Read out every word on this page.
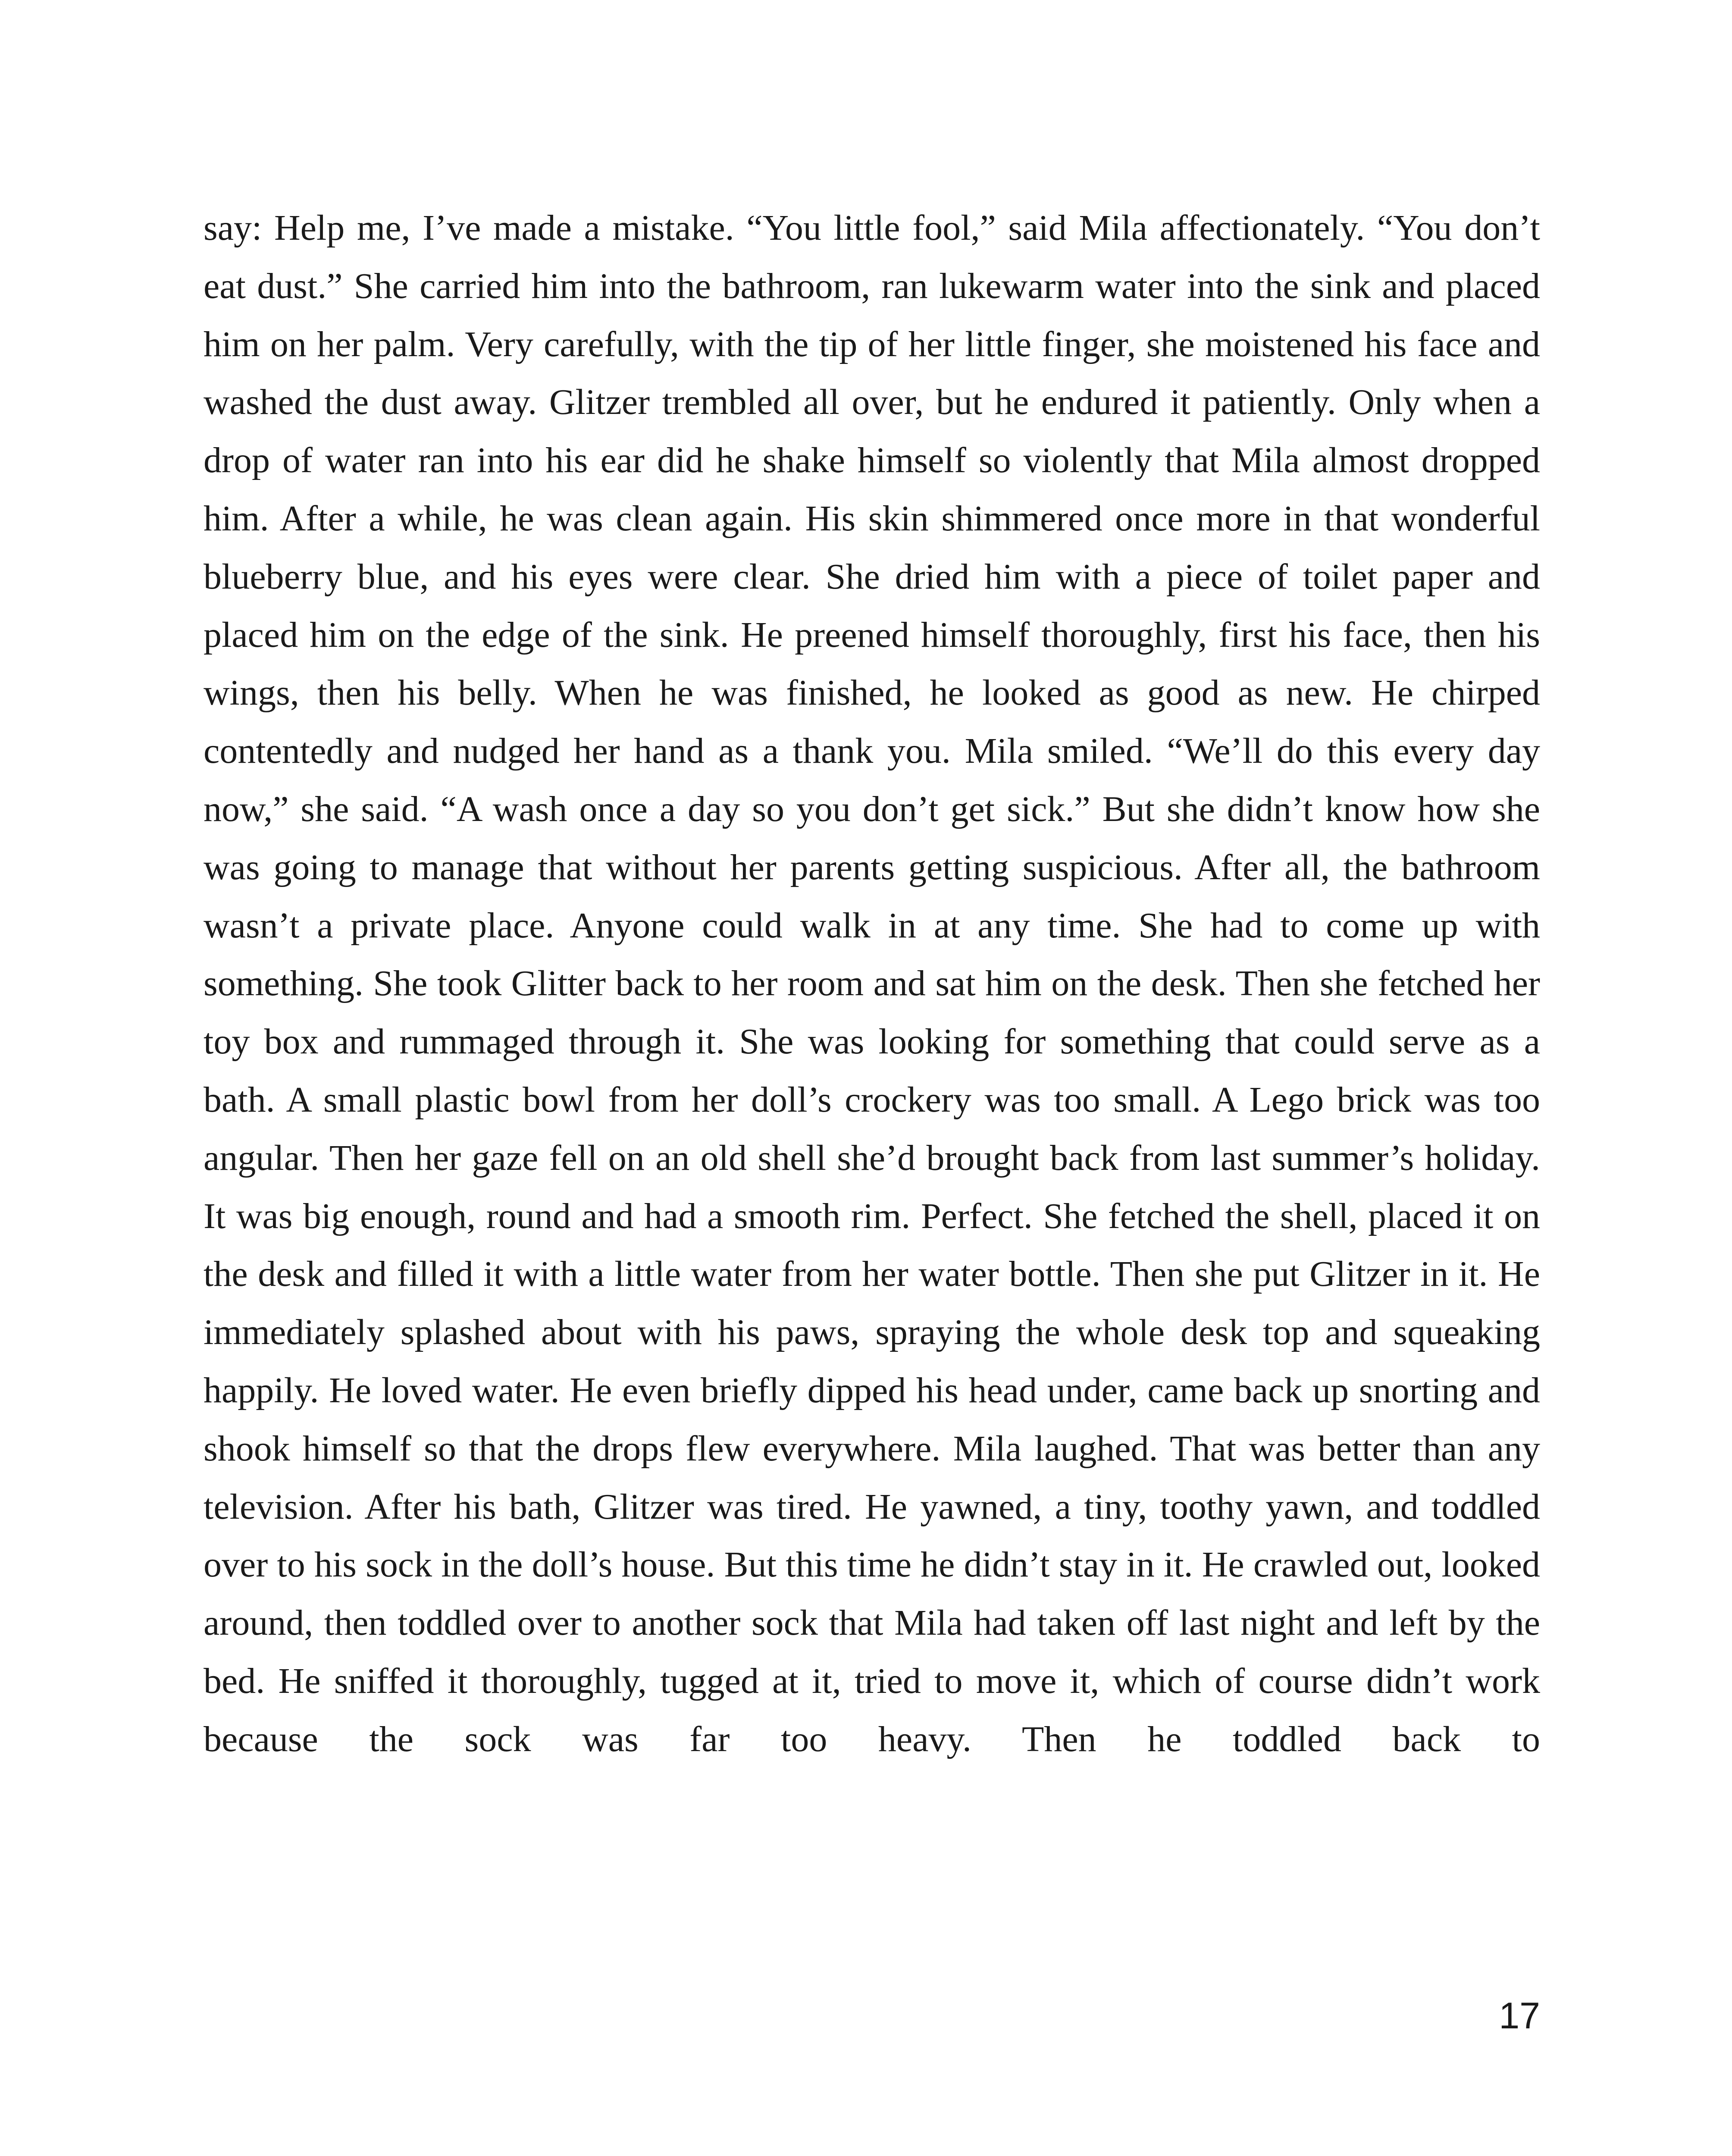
say: Help me, I’ve made a mistake. “You little fool,” said Mila affectionately. “You don’t eat dust.” She carried him into the bathroom, ran lukewarm water into the sink and placed him on her palm. Very carefully, with the tip of her little finger, she moistened his face and washed the dust away. Glitzer trembled all over, but he endured it patiently. Only when a drop of water ran into his ear did he shake himself so violently that Mila almost dropped him. After a while, he was clean again. His skin shimmered once more in that wonderful blueberry blue, and his eyes were clear. She dried him with a piece of toilet paper and placed him on the edge of the sink. He preened himself thoroughly, first his face, then his wings, then his belly. When he was finished, he looked as good as new. He chirped contentedly and nudged her hand as a thank you. Mila smiled. “We’ll do this every day now,” she said. “A wash once a day so you don’t get sick.” But she didn’t know how she was going to manage that without her parents getting suspicious. After all, the bathroom wasn’t a private place. Anyone could walk in at any time. She had to come up with something. She took Glitter back to her room and sat him on the desk. Then she fetched her toy box and rummaged through it. She was looking for something that could serve as a bath. A small plastic bowl from her doll’s crockery was too small. A Lego brick was too angular. Then her gaze fell on an old shell she’d brought back from last summer’s holiday. It was big enough, round and had a smooth rim. Perfect. She fetched the shell, placed it on the desk and filled it with a little water from her water bottle. Then she put Glitzer in it. He immediately splashed about with his paws, spraying the whole desk top and squeaking happily. He loved water. He even briefly dipped his head under, came back up snorting and shook himself so that the drops flew everywhere. Mila laughed. That was better than any television. After his bath, Glitzer was tired. He yawned, a tiny, toothy yawn, and toddled over to his sock in the doll’s house. But this time he didn’t stay in it. He crawled out, looked around, then toddled over to another sock that Mila had taken off last night and left by the bed. He sniffed it thoroughly, tugged at it, tried to move it, which of course didn’t work because the sock was far too heavy. Then he toddled back to

17
